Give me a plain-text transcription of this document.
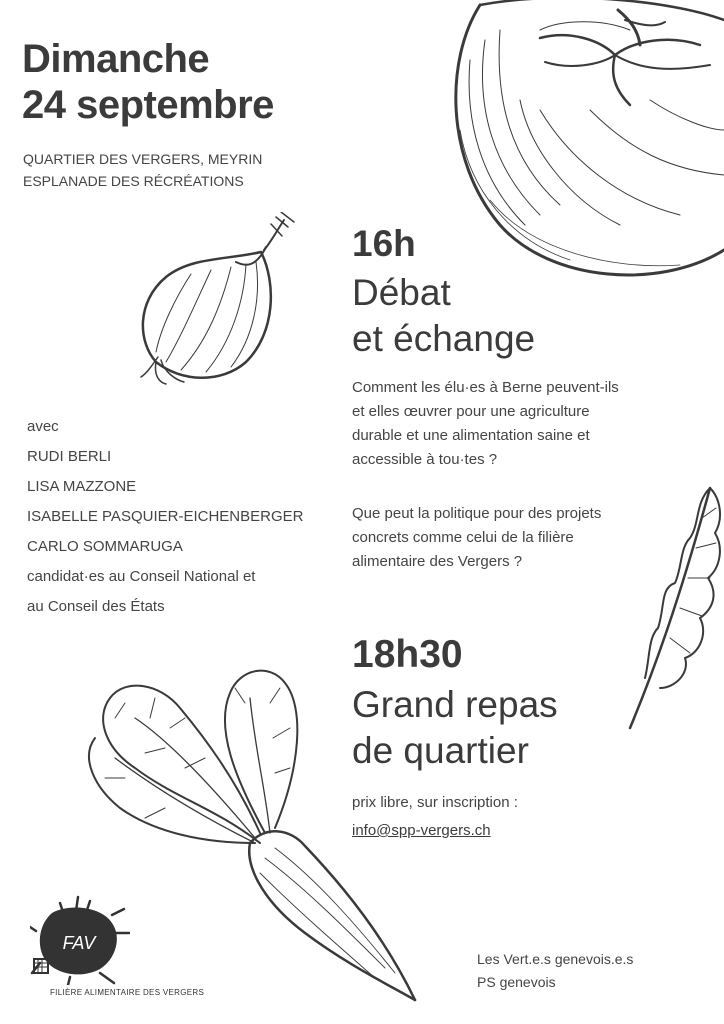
Dimanche
24 septembre
QUARTIER DES VERGERS, MEYRIN
ESPLANADE DES RÉCRÉATIONS
16h
Débat
et échange
Comment les élu·es à Berne peuvent-ils
et elles œuvrer pour une agriculture
durable et une alimentation saine et
accessible à tou·tes ?
Que peut la politique pour des projets
concrets comme celui de la filière
alimentaire des Vergers ?
avec
RUDI BERLI
LISA MAZZONE
ISABELLE PASQUIER-EICHENBERGER
CARLO SOMMARUGA
candidat·es au Conseil National et
au Conseil des États
18h30
Grand repas
de quartier
prix libre, sur inscription :
info@spp-vergers.ch
Les Vert.e.s genevois.e.s
PS genevois
FAV
FILIÈRE ALIMENTAIRE DES VERGERS
